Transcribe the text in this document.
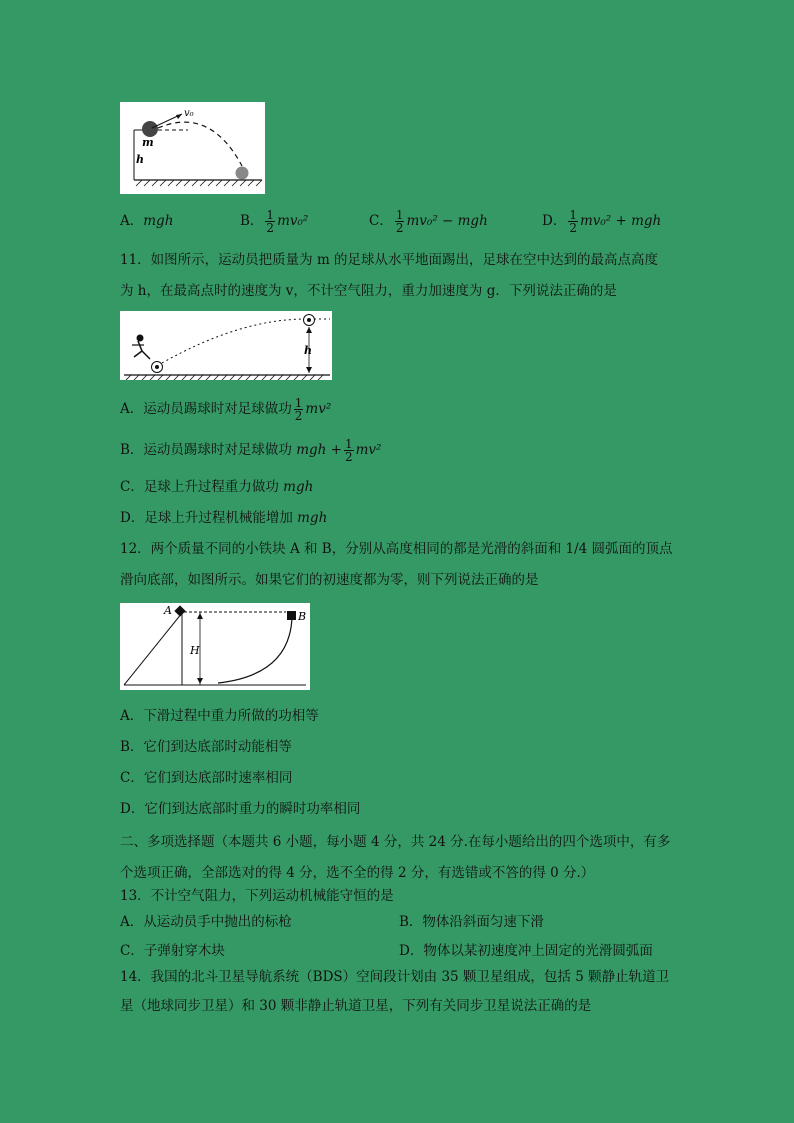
v₀
m
h
A．mgh	B． $\frac{1}{2} mv_0^2$	C． $\frac{1}{2} mv_0^2$ − mgh	D． $\frac{1}{2} mv_0^2$ + mgh
11．如图所示，运动员把质量为 m 的足球从水平地面踢出，足球在空中达到的最高点高度
为 h，在最高点时的速度为 v，不计空气阻力，重力加速度为 g．下列说法正确的是
h
A．运动员踢球时对足球做功 $\frac{1}{2} mv^2$
B．运动员踢球时对足球做功 mgh + $\frac{1}{2} mv^2$
C．足球上升过程重力做功 mgh
D．足球上升过程机械能增加 mgh
12．两个质量不同的小铁块 A 和 B，分别从高度相同的都是光滑的斜面和 1/4 圆弧面的顶点
滑向底部，如图所示。如果它们的初速度都为零，则下列说法正确的是
A	B
H
A．下滑过程中重力所做的功相等
B．它们到达底部时动能相等
C．它们到达底部时速率相同
D．它们到达底部时重力的瞬时功率相同
二、多项选择题（本题共 6 小题，每小题 4 分，共 24 分.在每小题给出的四个选项中，有多
个选项正确，全部选对的得 4 分，选不全的得 2 分，有选错或不答的得 0 分.）
13．不计空气阻力，下列运动机械能守恒的是
A．从运动员手中抛出的标枪	B．物体沿斜面匀速下滑
C．子弹射穿木块	D．物体以某初速度冲上固定的光滑圆弧面
14．我国的北斗卫星导航系统（BDS）空间段计划由 35 颗卫星组成，包括 5 颗静止轨道卫
星（地球同步卫星）和 30 颗非静止轨道卫星，下列有关同步卫星说法正确的是
